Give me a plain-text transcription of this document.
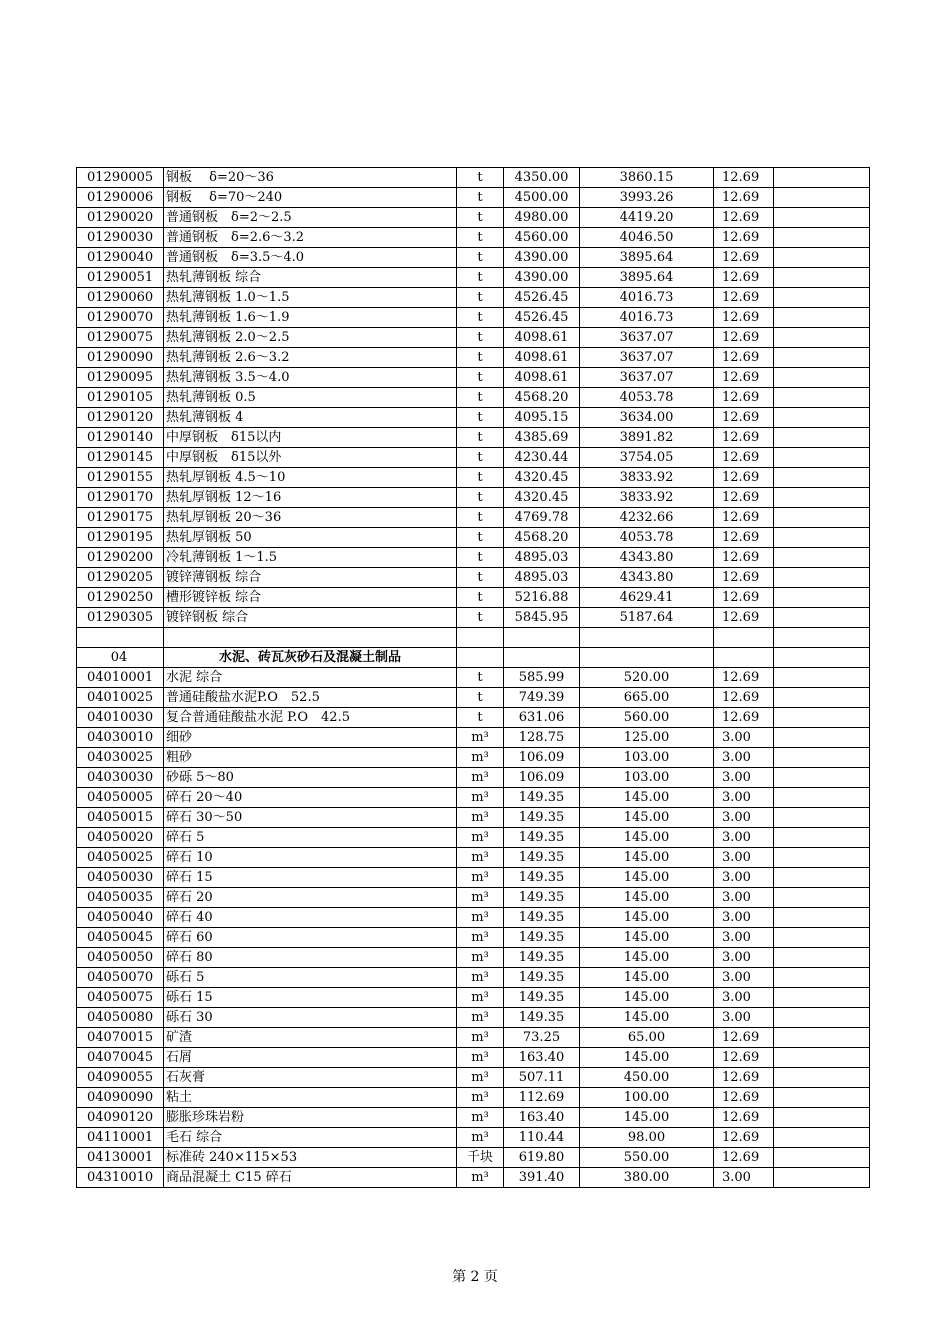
01290005	钢板　 δ=20～36	t	4350.00	3860.15	12.69	
01290006	钢板　 δ=70～240	t	4500.00	3993.26	12.69	
01290020	普通钢板　δ=2～2.5	t	4980.00	4419.20	12.69	
01290030	普通钢板　δ=2.6～3.2	t	4560.00	4046.50	12.69	
01290040	普通钢板　δ=3.5～4.0	t	4390.00	3895.64	12.69	
01290051	热轧薄钢板 综合	t	4390.00	3895.64	12.69	
01290060	热轧薄钢板 1.0～1.5	t	4526.45	4016.73	12.69	
01290070	热轧薄钢板 1.6～1.9	t	4526.45	4016.73	12.69	
01290075	热轧薄钢板 2.0～2.5	t	4098.61	3637.07	12.69	
01290090	热轧薄钢板 2.6～3.2	t	4098.61	3637.07	12.69	
01290095	热轧薄钢板 3.5～4.0	t	4098.61	3637.07	12.69	
01290105	热轧薄钢板 0.5	t	4568.20	4053.78	12.69	
01290120	热轧薄钢板 4	t	4095.15	3634.00	12.69	
01290140	中厚钢板　δ15以内	t	4385.69	3891.82	12.69	
01290145	中厚钢板　δ15以外	t	4230.44	3754.05	12.69	
01290155	热轧厚钢板 4.5～10	t	4320.45	3833.92	12.69	
01290170	热轧厚钢板 12～16	t	4320.45	3833.92	12.69	
01290175	热轧厚钢板 20～36	t	4769.78	4232.66	12.69	
01290195	热轧厚钢板 50	t	4568.20	4053.78	12.69	
01290200	冷轧薄钢板 1～1.5	t	4895.03	4343.80	12.69	
01290205	镀锌薄钢板 综合	t	4895.03	4343.80	12.69	
01290250	槽形镀锌板 综合	t	5216.88	4629.41	12.69	
01290305	镀锌钢板 综合	t	5845.95	5187.64	12.69	

04	水泥、砖瓦灰砂石及混凝土制品					
04010001	水泥 综合	t	585.99	520.00	12.69	
04010025	普通硅酸盐水泥P.O　52.5	t	749.39	665.00	12.69	
04010030	复合普通硅酸盐水泥 P.O　42.5	t	631.06	560.00	12.69	
04030010	细砂	m³	128.75	125.00	3.00	
04030025	粗砂	m³	106.09	103.00	3.00	
04030030	砂砾 5～80	m³	106.09	103.00	3.00	
04050005	碎石 20～40	m³	149.35	145.00	3.00	
04050015	碎石 30～50	m³	149.35	145.00	3.00	
04050020	碎石 5	m³	149.35	145.00	3.00	
04050025	碎石 10	m³	149.35	145.00	3.00	
04050030	碎石 15	m³	149.35	145.00	3.00	
04050035	碎石 20	m³	149.35	145.00	3.00	
04050040	碎石 40	m³	149.35	145.00	3.00	
04050045	碎石 60	m³	149.35	145.00	3.00	
04050050	碎石 80	m³	149.35	145.00	3.00	
04050070	砾石 5	m³	149.35	145.00	3.00	
04050075	砾石 15	m³	149.35	145.00	3.00	
04050080	砾石 30	m³	149.35	145.00	3.00	
04070015	矿渣	m³	73.25	65.00	12.69	
04070045	石屑	m³	163.40	145.00	12.69	
04090055	石灰膏	m³	507.11	450.00	12.69	
04090090	粘土	m³	112.69	100.00	12.69	
04090120	膨胀珍珠岩粉	m³	163.40	145.00	12.69	
04110001	毛石 综合	m³	110.44	98.00	12.69	
04130001	标准砖 240×115×53	千块	619.80	550.00	12.69	
04310010	商品混凝土 C15 碎石	m³	391.40	380.00	3.00	
第 2 页
